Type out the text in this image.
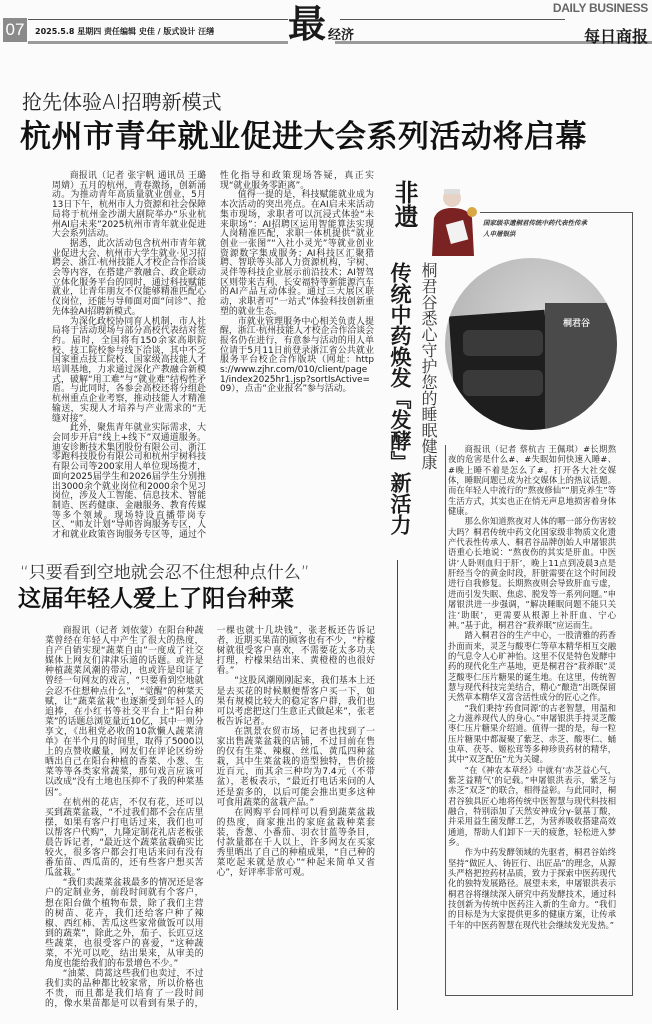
07	2025.5.8 星期四 责任编辑 史佳 / 版式设计 汪缮 最 经济
DAILY BUSINESS
每日商报
抢先体验AI招聘新模式
杭州市青年就业促进大会系列活动将启幕

商报讯（记者 张宇帆 通讯员 王璐 周婧）五月的杭州，青春激扬，创新涌动。为推动青年高质量就业创业，5月13日下午，杭州市人力资源和社会保障局将于杭州金沙湖大剧院举办“乐业杭州AI启未来”2025杭州市青年就业促进大会系列活动。

据悉，此次活动包含杭州市青年就业促进大会、杭州市大学生就业·见习招聘会、浙江·杭州技能人才校企合作洽谈会等内容，在搭建产教融合、政企联动立体化服务平台的同时，通过科技赋能就业，让青年朋友不仅能够精准匹配心仪岗位，还能与导师面对面“问诊”、抢先体验AI招聘新模式。

为深化政校协同育人机制，市人社局将于活动现场与部分高校代表结对签约。届时，全国将有150余家高职院校、技工院校参与线下洽谈，其中不乏国家重点技工院校、国家级高技能人才培训基地，力求通过深化产教融合新模式，破解“用工难”与“就业难”结构性矛盾。与此同时，各参会高校还将分组赴杭州重点企业考察，推动技能人才精准输送，实现人才培养与产业需求的“无缝对接”。

此外，聚焦青年就业实际需求，大会同步开启“线上+线下”双通道服务。迪安诊断技术集团股份有限公司、浙江零跑科技股份有限公司和杭州宇树科技有限公司等200家用人单位现场揽才，面向2025届学生和2026届学生分别推出3000余个就业岗位和2000余个见习岗位，涉及人工智能、信息技术、智能制造、医药健康、金融服务、教育传媒等多个领域。现场特设直播带岗专区、“师友计划”导师咨询服务专区，人才和就业政策咨询服务专区等，通过个性化指导和政策现场答疑，真正实现“就业服务零距离”。

值得一提的是，科技赋能就业成为本次活动的突出亮点。在AI启未来活动集市现场，求职者可以沉浸式体验“未来职场”：AI招聘区运用智能算法实现人岗精准匹配，求职一体机提供“就业创业一张图”“入社小灵光”等就业创业资源数字集成服务；AI科技区汇聚猎聘、智联等头部人力资源机构，宇树、灵伴等科技企业展示前沿技术；AI智驾区则带来吉利、长安福特等新能源汽车的AI产品互动体验。通过三大展区联动，求职者可“一站式”体验科技创新重塑的就业生态。

市就业管理服务中心相关负责人提醒，浙江·杭州技能人才校企合作洽谈会报名仍在进行，有意参与活动的用人单位请于5月11日前登录浙江省公共就业服务平台校企合作版块（网址：https://www.zjhr.com/010/client/page1/index2025hr1.jsp?sortIsActive=09），点击“企业报名”参与活动。

“只要看到空地就会忍不住想种点什么”
这届年轻人爱上了阳台种菜

商报讯（记者 刘依蒙）在阳台种蔬菜曾经在年轻人中产生了很大的热度，自产自销实现“蔬菜自由”一度成了社交媒体上网友们津津乐道的话题。或许是种植蔬菜风潮的带动，也或许是印证了曾经一句网友的戏言，“只要看到空地就会忍不住想种点什么”，“觉醒”的种菜天赋，让“蔬菜盆栽”也逐渐受到年轻人的追捧，在小红书等社交平台上“阳台种菜”的话题总浏览量近10亿，其中一则分享文，《出租党必收的10款懒人蔬菜清单》在半个月的时间里，取得了5000以上的点赞收藏量，网友们在评论区纷纷晒出自己在阳台种植的香菜、小葱、生菜等等各类家常蔬菜，那句戏言应该可以改成“没有土地也压抑不了我的种菜基因”。

在杭州的花店，不仅有花，还可以买到蔬菜盆栽，“不过我们都不会在店里摆，如果有客户打电话过来，我们也可以帮客户代购”，九隆定制花礼店老板张晨告诉记者，“最近这个蔬菜盆栽确实比较火，很多客户都会打电话来问有没有番茄苗、西瓜苗的，还有些客户想买苦瓜盆栽。”

“我们卖蔬菜盆栽最多的情况还是客户的定制业务，前段时间就有个客户，想在阳台做个植物布景，除了我们主营的树苗、花卉，我们还给客户种了辣椒、西红柿、苦瓜这些家常做饭可以用到的蔬菜”，除此之外，茄子、长豇豆这些蔬菜，也很受客户的喜爱，“这种蔬菜，不光可以吃，结出果来，从审美的角度也能给我们的布景增色不少。”

“油菜、茼蒿这些我们也卖过，不过我们卖的品种都比较家常，所以价格也不贵，而且都是我们培育了一段时间的，像水果苗都是可以看到有果子的，一棵也就十几块钱”，张老板还告诉记者，近期买果苗的顾客也有不少，“柠檬树就很受客户喜欢，不需要花太多功夫打理，柠檬果结出来、黄橙橙的也很好看。”

“这股风潮刚刚起来，我们基本上还是去买花的时候顺便帮客户买一下，如果有规模比较大的稳定客户群，我们也可以考虑把这门生意正式做起来”，张老板告诉记者。

在凯景农贸市场，记者也找到了一家出售蔬菜盆栽的店铺，不过目前在售的仅有生菜、辣椒、丝瓜、黄瓜四种盆栽，其中生菜盆栽的造型独特，售价接近百元，而其余三种均为7.4元（不带盆），老板表示，“最近打电话来问的人还是蛮多的，以后可能会推出更多这种可食用蔬菜的盆栽产品。”

在网购平台同样可以看到蔬菜盆栽的热度，商家推出的家庭盆栽种菜套装，香葱、小番茄、羽衣甘蓝等条目，付款量都在千人以上，许多网友在买家秀里晒出了自己的种植成果，“自己种的菜吃起来就是放心”“种起来简单又省心”，好评率非常可观。

非遗	国家级非遗桐君传统中药代表性传承人申屠银洪
桐君谷
传统中药焕发『发酵』新活力 桐君谷悉心守护您的睡眠健康	商报讯（记者 蔡杭吉 王佩琪）#长期熬夜的危害是什么#、#失眠如何快速入睡#、#晚上睡不着是怎么了#。打开各大社交媒体，睡眠问题已成为社交媒体上的热议话题。而在年轻人中流行的“熬夜修仙”“朋克养生”等生活方式，其实也正在悄无声息地损害着身体健康。

那么你知道熬夜对人体的哪一部分伤害较大吗？桐君传统中药文化国家级非物质文化遗产代表性传承人、桐君谷品牌创始人申屠银洪语重心长地说：“熬夜伤的其实是肝血。中医讲‘人卧则血归于肝’，晚上11点到凌晨3点是肝经当令的黄金时段，肝脏需要在这个时间段进行自我修复。长期熬夜则会导致肝血亏虚，进而引发失眠、焦虑、脱发等一系列问题。”申屠银洪进一步强调，“解决睡眠问题不能只关注‘助眠’，更需要从根源上补肝血、宁心神。”基于此，桐君谷“菽养眠”应运而生。

踏入桐君谷的生产中心，一股清雅的药香扑面而来，灵芝与酸枣仁等草本精华相互交融的气息令人心旷神怡。这里不仅是特色发酵中药的现代化生产基地，更是桐君谷“菽养眠”灵芝酸枣仁压片糖果的诞生地。在这里，传统智慧与现代科技完美结合，精心“酿造”出既保留天然草本精华又富含活性成分的匠心之作。

“我们秉持‘药食同源’的古老智慧，用温和之力滋养现代人的身心。”申屠银洪手持灵芝酸枣仁压片糖果介绍道。值得一提的是，每一粒压片糖果中都凝聚了紫芝、赤芝、酸枣仁、蛹虫草、茯苓、姬松茸等多种珍贵药材的精华，其中“双芝配伍”尤为关键。

“在《神农本草经》中就有‘赤芝益心气，紫芝益精气’的记载。”申屠银洪表示，紫芝与赤芝“双芝”的联合，相得益彰。与此同时，桐君谷独具匠心地将传统中医智慧与现代科技相融合，特别添加了天然安神成分γ-氨基丁酸，并采用益生菌发酵工艺，为营养吸收搭建高效通道，帮助人们卸下一天的疲惫，轻松进入梦乡。

作为中药发酵领域的先驱者，桐君谷始终坚持“做匠人、铸匠行、出匠品”的理念，从源头严格把控药材品质，致力于探索中医药现代化的独特发展路径。展望未来，申屠银洪表示桐君谷将继续深入研究中药发酵技术，通过科技创新为传统中医药注入新的生命力。“我们的目标是为大家提供更多的健康方案，让传承千年的中医药智慧在现代社会继续发光发热。”
